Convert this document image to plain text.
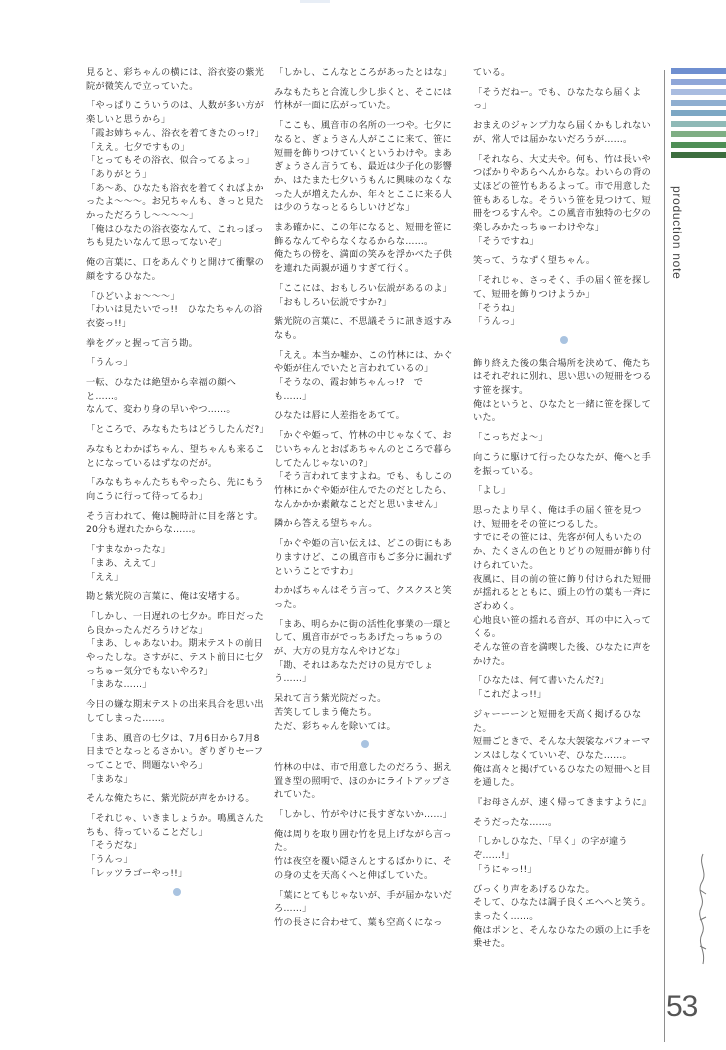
見ると、彩ちゃんの横には、浴衣姿の紫光院が微笑んで立っていた。

「やっぱりこういうのは、人数が多い方が楽しいと思うから」
「霞お姉ちゃん、浴衣を着てきたのっ!?」
「ええ。七夕ですもの」
「とってもその浴衣、似合ってるよっ」
「ありがとう」
「あ～あ、ひなたも浴衣を着てくればよかったよ～～～。お兄ちゃんも、きっと見たかっただろうし～～～～」
「俺はひなたの浴衣姿なんて、これっぽっちも見たいなんて思ってないぞ」

俺の言葉に、口をあんぐりと開けて衝撃の顔をするひなた。

「ひどいよぉ～～～」
「わいは見たいでっ!!　ひなたちゃんの浴衣姿っ!!」

拳をグッと握って言う勘。

「うんっ」

一転、ひなたは絶望から幸福の顔へと……。
なんて、変わり身の早いやつ……。

「ところで、みなもたちはどうしたんだ?」

みなもとわかばちゃん、望ちゃんも来ることになっているはずなのだが。

「みなもちゃんたちもやったら、先にもう向こうに行って待ってるわ」

そう言われて、俺は腕時計に目を落とす。
20分も遅れたからな……。

「すまなかったな」
「まあ、ええて」
「ええ」

勘と紫光院の言葉に、俺は安堵する。

「しかし、一日遅れの七夕か。昨日だったら良かったんだろうけどな」
「まあ、しゃあないわ。期末テストの前日やったしな。さすがに、テスト前日に七夕っちゅー気分でもないやろ?」
「まあな……」

今日の嫌な期末テストの出来具合を思い出してしまった……。

「まあ、風音の七夕は、7月6日から7月8日までとなっとるさかい。ぎりぎりセーフってことで、問題ないやろ」
「まあな」

そんな俺たちに、紫光院が声をかける。

「それじゃ、いきましょうか。鳴風さんたちも、待っていることだし」
「そうだな」
「うんっ」
「レッツラゴーやっ!!」

「しかし、こんなところがあったとはな」

みなもたちと合流し少し歩くと、そこには竹林が一面に広がっていた。

「ここも、風音市の名所の一つや。七夕になると、ぎょうさん人がここに来て、笹に短冊を飾りつけていくというわけや。まあぎょうさん言うても、最近は少子化の影響か、はたまた七夕いうもんに興味のなくなった人が増えたんか、年々とここに来る人は少のうなっとるらしいけどな」

まあ確かに、この年になると、短冊を笹に飾るなんてやらなくなるからな……。
俺たちの傍を、満面の笑みを浮かべた子供を連れた両親が通りすぎて行く。

「ここには、おもしろい伝説があるのよ」
「おもしろい伝説ですか?」

紫光院の言葉に、不思議そうに訊き返すみなも。

「ええ。本当か嘘か、この竹林には、かぐや姫が住んでいたと言われているの」
「そうなの、霞お姉ちゃんっ!?　でも……」

ひなたは唇に人差指をあてて。

「かぐや姫って、竹林の中じゃなくて、おじいちゃんとおばあちゃんのところで暮らしてたんじゃないの?」
「そう言われてますよね。でも、もしこの竹林にかぐや姫が住んでたのだとしたら、なんかかか素敵なことだと思いません」

隣から答える望ちゃん。

「かぐや姫の言い伝えは、どこの街にもありますけど、この風音市もご多分に漏れずということですわ」

わかばちゃんはそう言って、クスクスと笑った。

「まあ、明らかに街の活性化事業の一環として、風音市がでっちあげたっちゅうのが、大方の見方なんやけどな」
「勘、それはあなただけの見方でしょう……」

呆れて言う紫光院だった。
苦笑してしまう俺たち。
ただ、彩ちゃんを除いては。

竹林の中は、市で用意したのだろう、据え置き型の照明で、ほのかにライトアップされていた。

「しかし、竹がやけに長すぎないか……」

俺は周りを取り囲む竹を見上げながら言った。
竹は夜空を覆い隠さんとするばかりに、その身の丈を天高くへと伸ばしていた。

「葉にとてもじゃないが、手が届かないだろ……」
竹の長さに合わせて、葉も空高くになっ

ている。

「そうだねー。でも、ひなたなら届くよっ」

おまえのジャンプ力なら届くかもしれないが、常人では届かないだろうが……。

「それなら、大丈夫や。何も、竹は長いやつばかりやあらへんからな。わいらの背の丈ほどの笹竹もあるよって。市で用意した笹もあるしな。そういう笹を見つけて、短冊をつるすんや。この風音市独特の七夕の楽しみかたっちゅーわけやな」
「そうですね」

笑って、うなずく望ちゃん。

「それじゃ、さっそく、手の届く笹を探して、短冊を飾りつけようか」
「そうね」
「うんっ」

飾り終えた後の集合場所を決めて、俺たちはそれぞれに別れ、思い思いの短冊をつるす笹を探す。
俺はというと、ひなたと一緒に笹を探していた。

「こっちだよ～」

向こうに駆けて行ったひなたが、俺へと手を振っている。

「よし」

思ったより早く、俺は手の届く笹を見つけ、短冊をその笹につるした。
すでにその笹には、先客が何人もいたのか、たくさんの色とりどりの短冊が飾り付けられていた。
夜風に、目の前の笹に飾り付けられた短冊が揺れるとともに、頭上の竹の葉も一斉にざわめく。
心地良い笹の揺れる音が、耳の中に入ってくる。
そんな笹の音を満喫した後、ひなたに声をかけた。

「ひなたは、何て書いたんだ?」
「これだよっ!!」

ジャーーーンと短冊を天高く掲げるひなた。
短冊ごときで、そんな大袈裟なパフォーマンスはしなくていいぞ、ひなた……。
俺は高々と掲げているひなたの短冊へと目を通した。

『お母さんが、速く帰ってきますように』

そうだったな……。

「しかしひなた、「早く」の字が違うぞ……!」
「うにゃっ!!」

びっくり声をあげるひなた。
そして、ひなたは調子良くエヘヘと笑う。
まったく……。
俺はポンと、そんなひなたの頭の上に手を乗せた。

production note
53
